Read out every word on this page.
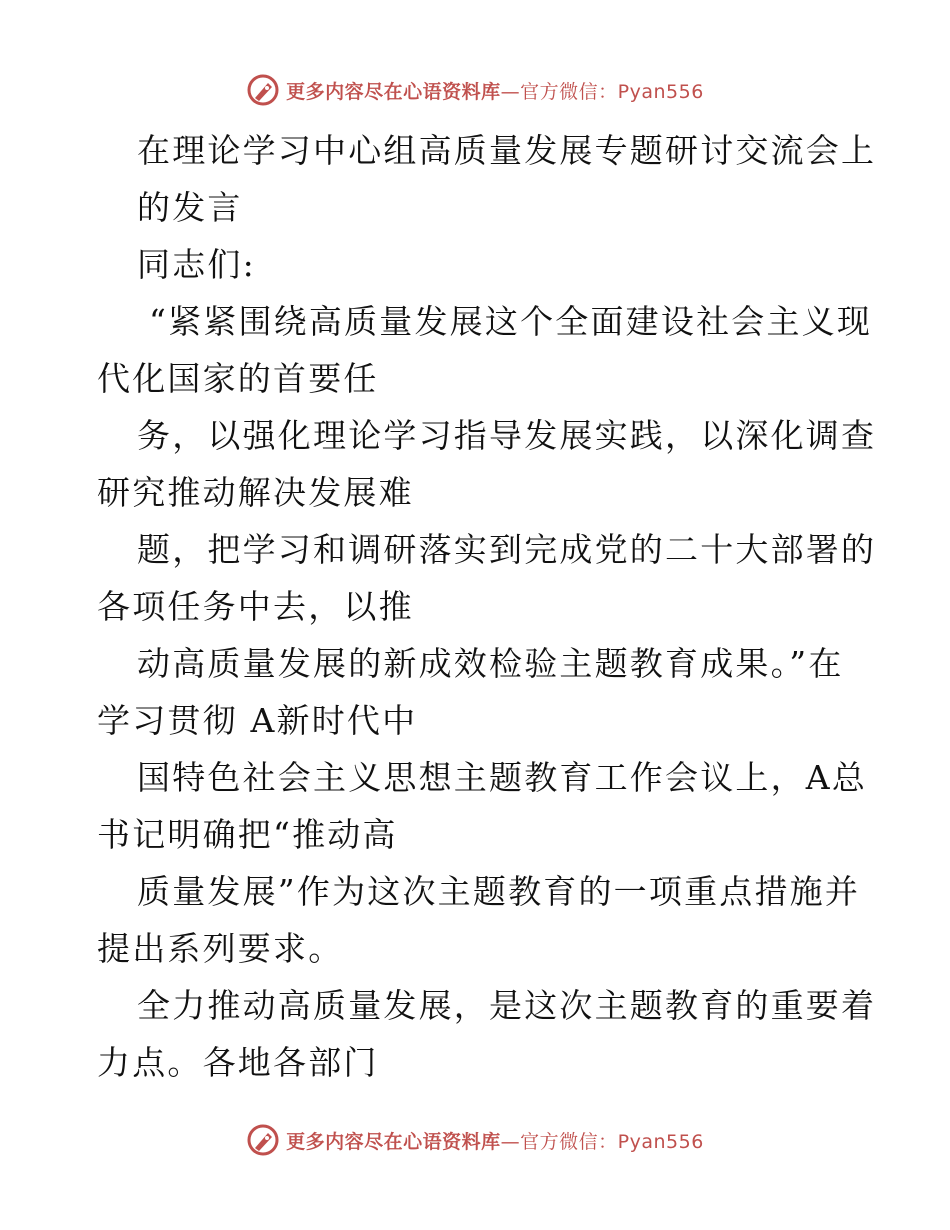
更多内容尽在心语资料库—官方微信：Pyan556
在理论学习中心组高质量发展专题研讨交流会上
的发言
同志们:
“紧紧围绕高质量发展这个全面建设社会主义现
代化国家的首要任
务，以强化理论学习指导发展实践，以深化调查
研究推动解决发展难
题，把学习和调研落实到完成党的二十大部署的
各项任务中去，以推
动高质量发展的新成效检验主题教育成果。”在
学习贯彻 A新时代中
国特色社会主义思想主题教育工作会议上，A总
书记明确把“推动高
质量发展”作为这次主题教育的一项重点措施并
提出系列要求。
全力推动高质量发展，是这次主题教育的重要着
力点。各地各部门
更多内容尽在心语资料库—官方微信：Pyan556
